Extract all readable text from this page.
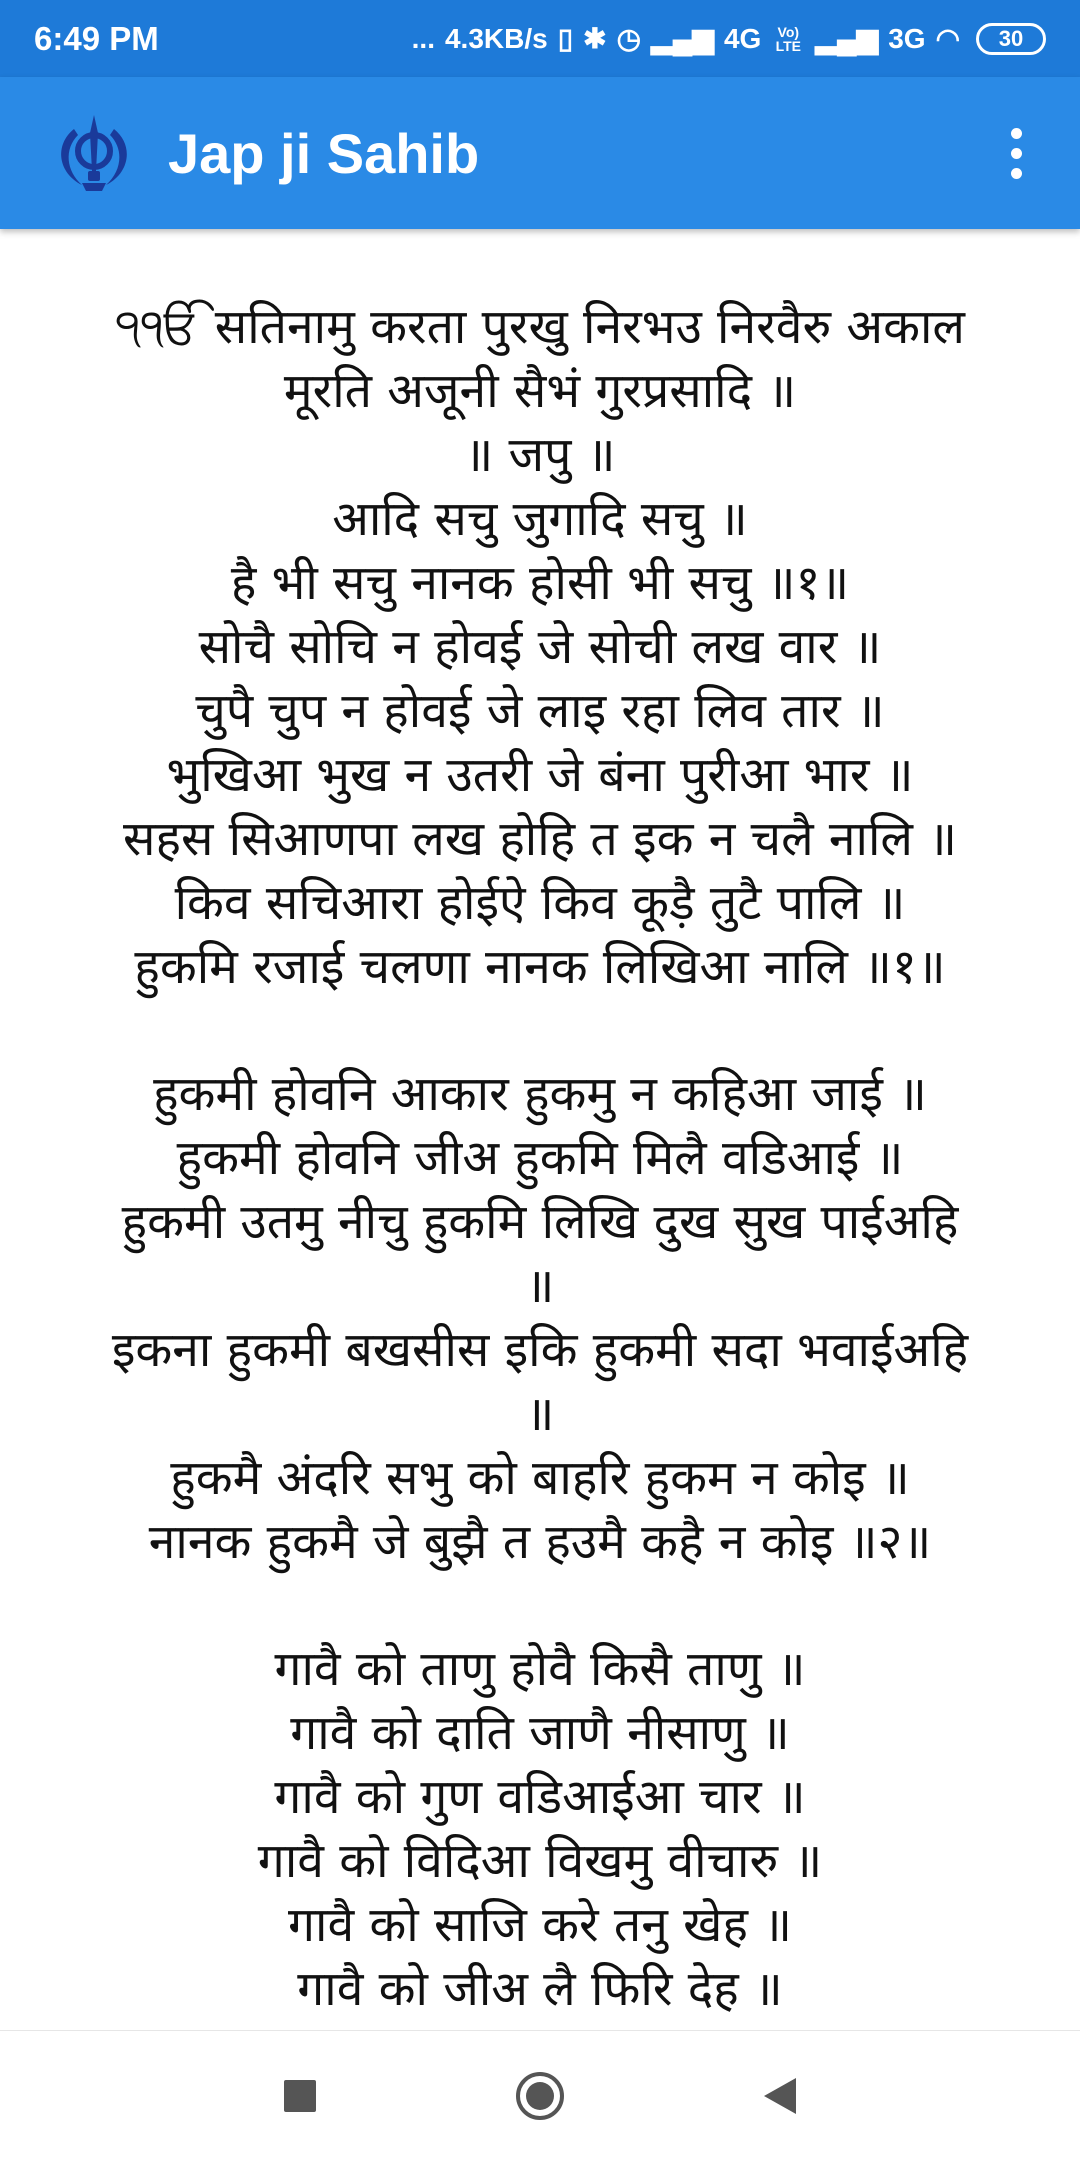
6:49 PM	... 4.3KB/s ▯ ✱ ◷ ▂▄▆ 4G	Vo) LTE ▂▄▆ 3G ◠	30
Jap ji Sahib
੧ੴ सतिनामु करता पुरखु निरभउ निरवैरु अकाल
मूरति अजूनी सैभं गुरप्रसादि ॥
॥ जपु ॥
आदि सचु जुगादि सचु ॥
है भी सचु नानक होसी भी सचु ॥१॥
सोचै सोचि न होवई जे सोची लख वार ॥
चुपै चुप न होवई जे लाइ रहा लिव तार ॥
भुखिआ भुख न उतरी जे बंना पुरीआ भार ॥
सहस सिआणपा लख होहि त इक न चलै नालि ॥
किव सचिआरा होईऐ किव कूड़ै तुटै पालि ॥
हुकमि रजाई चलणा नानक लिखिआ नालि ॥१॥
हुकमी होवनि आकार हुकमु न कहिआ जाई ॥
हुकमी होवनि जीअ हुकमि मिलै वडिआई ॥
हुकमी उतमु नीचु हुकमि लिखि दुख सुख पाईअहि
॥
इकना हुकमी बखसीस इकि हुकमी सदा भवाईअहि
॥
हुकमै अंदरि सभु को बाहरि हुकम न कोइ ॥
नानक हुकमै जे बुझै त हउमै कहै न कोइ ॥२॥
गावै को ताणु होवै किसै ताणु ॥
गावै को दाति जाणै नीसाणु ॥
गावै को गुण वडिआईआ चार ॥
गावै को विदिआ विखमु वीचारु ॥
गावै को साजि करे तनु खेह ॥
गावै को जीअ लै फिरि देह ॥
